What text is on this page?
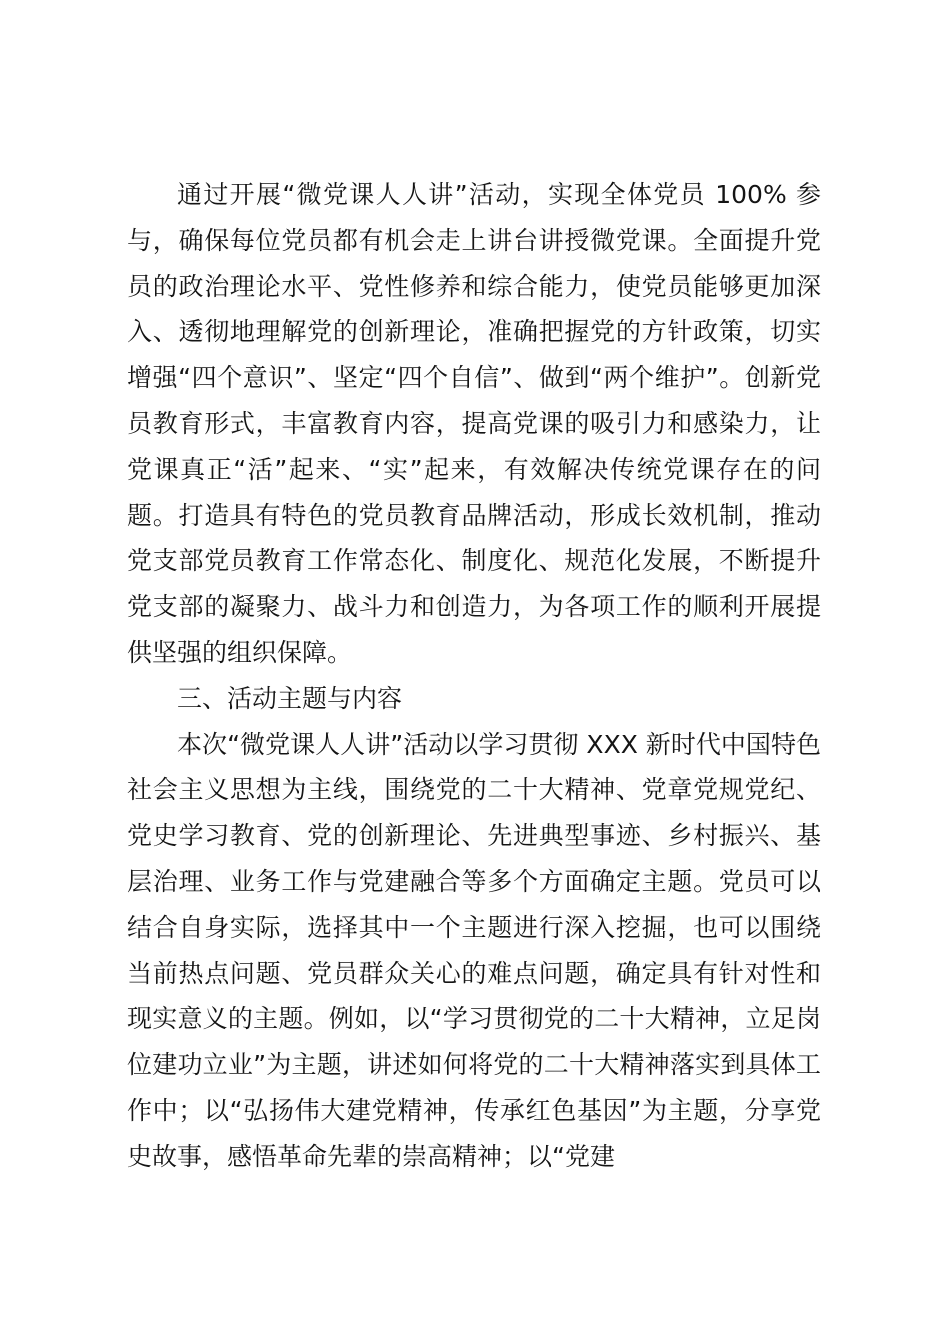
通过开展“微党课人人讲”活动，实现全体党员 100% 参与，确保每位党员都有机会走上讲台讲授微党课。全面提升党员的政治理论水平、党性修养和综合能力，使党员能够更加深入、透彻地理解党的创新理论，准确把握党的方针政策，切实增强“四个意识”、坚定“四个自信”、做到“两个维护”。创新党员教育形式，丰富教育内容，提高党课的吸引力和感染力，让党课真正“活”起来、“实”起来，有效解决传统党课存在的问题。打造具有特色的党员教育品牌活动，形成长效机制，推动党支部党员教育工作常态化、制度化、规范化发展，不断提升党支部的凝聚力、战斗力和创造力，为各项工作的顺利开展提供坚强的组织保障。

三、活动主题与内容

本次“微党课人人讲”活动以学习贯彻 XXX 新时代中国特色社会主义思想为主线，围绕党的二十大精神、党章党规党纪、党史学习教育、党的创新理论、先进典型事迹、乡村振兴、基层治理、业务工作与党建融合等多个方面确定主题。党员可以结合自身实际，选择其中一个主题进行深入挖掘，也可以围绕当前热点问题、党员群众关心的难点问题，确定具有针对性和现实意义的主题。例如，以“学习贯彻党的二十大精神，立足岗位建功立业”为主题，讲述如何将党的二十大精神落实到具体工作中；以“弘扬伟大建党精神，传承红色基因”为主题，分享党史故事，感悟革命先辈的崇高精神；以“党建
